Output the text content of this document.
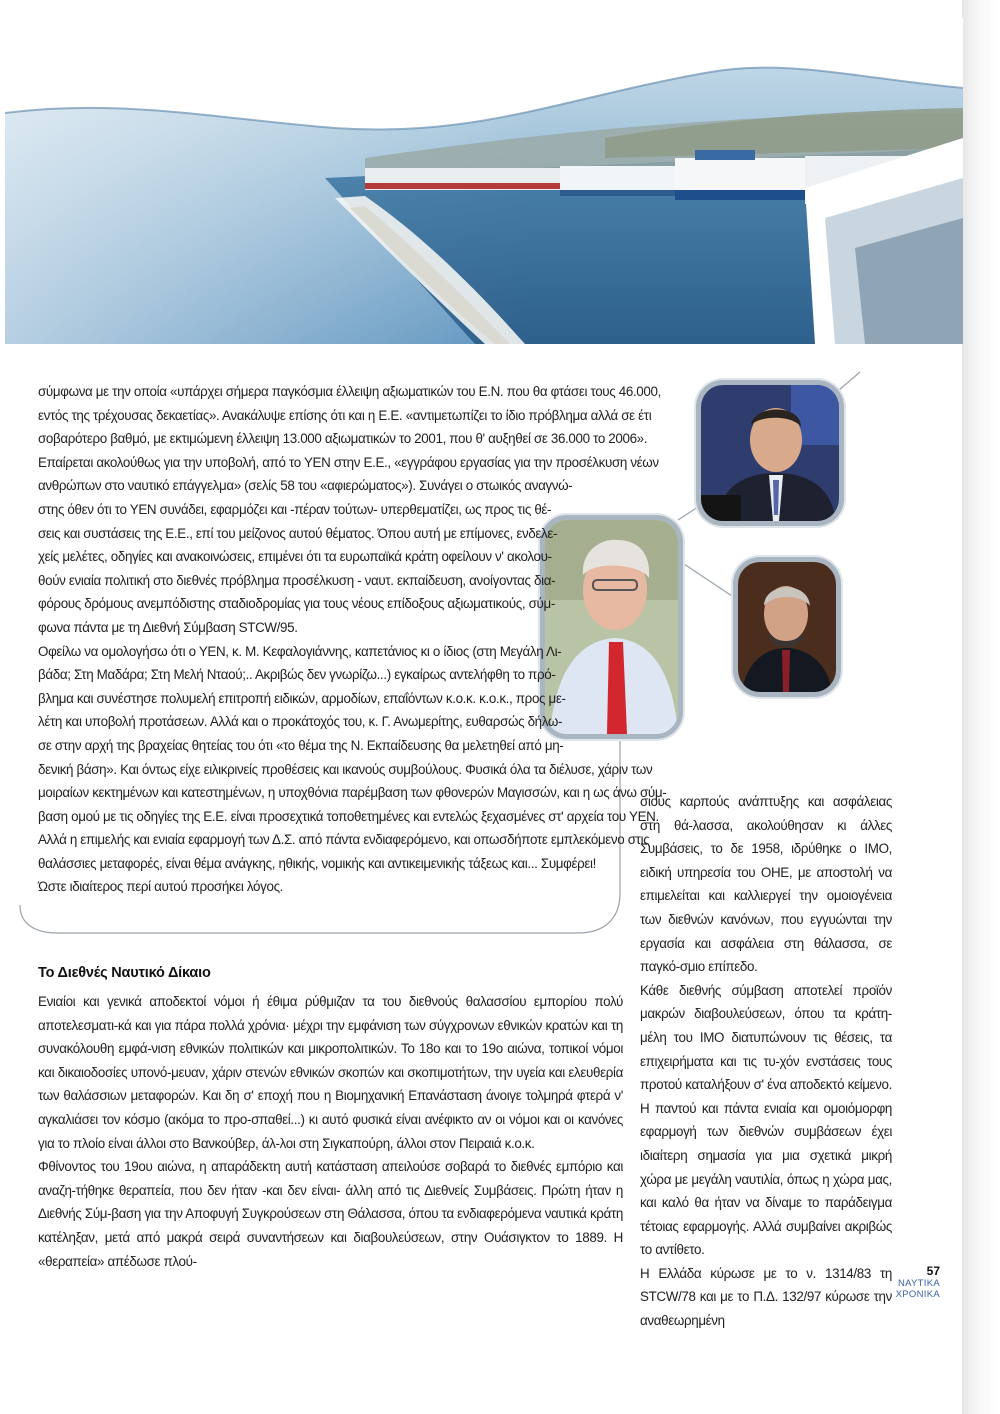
σύμφωνα με την οποία «υπάρχει σήμερα παγκόσμια έλλειψη αξιωματικών του Ε.Ν. που θα φτάσει τους 46.000,
εντός της τρέχουσας δεκαετίας». Ανακάλυψε επίσης ότι και η Ε.Ε. «αντιμετωπίζει το ίδιο πρόβλημα αλλά σε έτι
σοβαρότερο βαθμό, με εκτιμώμενη έλλειψη 13.000 αξιωματικών το 2001, που θ' αυξηθεί σε 36.000 το 2006».
Επαίρεται ακολούθως για την υποβολή, από το ΥΕΝ στην Ε.Ε., «εγγράφου εργασίας για την προσέλκυση νέων
ανθρώπων στο ναυτικό επάγγελμα» (σελίς 58 του «αφιερώματος»). Συνάγει ο στωικός αναγνώ-
στης όθεν ότι το ΥΕΝ συνάδει, εφαρμόζει και -πέραν τούτων- υπερθεματίζει, ως προς τις θέ-
σεις και συστάσεις της Ε.Ε., επί του μείζονος αυτού θέματος. Όπου αυτή με επίμονες, ενδελε-
χείς μελέτες, οδηγίες και ανακοινώσεις, επιμένει ότι τα ευρωπαϊκά κράτη οφείλουν ν' ακολου-
θούν ενιαία πολιτική στο διεθνές πρόβλημα προσέλκυση - ναυτ. εκπαίδευση, ανοίγοντας δια-
φόρους δρόμους ανεμπόδιστης σταδιοδρομίας για τους νέους επίδοξους αξιωματικούς, σύμ-
φωνα πάντα με τη Διεθνή Σύμβαση STCW/95.
Οφείλω να ομολογήσω ότι ο ΥΕΝ, κ. Μ. Κεφαλογιάννης, καπετάνιος κι ο ίδιος (στη Μεγάλη Λι-
βάδα; Στη Μαδάρα; Στη Μελή Νταού;.. Ακριβώς δεν γνωρίζω...) εγκαίρως αντελήφθη το πρό-
βλημα και συνέστησε πολυμελή επιτροπή ειδικών, αρμοδίων, επαΐόντων κ.ο.κ. κ.ο.κ., προς με-
λέτη και υποβολή προτάσεων. Αλλά και ο προκάτοχός του, κ. Γ. Ανωμερίτης, ευθαρσώς δήλω-
σε στην αρχή της βραχείας θητείας του ότι «το θέμα της Ν. Εκπαίδευσης θα μελετηθεί από μη-
δενική βάση». Και όντως είχε ειλικρινείς προθέσεις και ικανούς συμβούλους. Φυσικά όλα τα διέλυσε, χάριν των
μοιραίων κεκτημένων και κατεστημένων, η υποχθόνια παρέμβαση των φθονερών Μαγισσών, και η ως άνω σύμ-
βαση ομού με τις οδηγίες της Ε.Ε. είναι προσεχτικά τοποθετημένες και εντελώς ξεχασμένες στ' αρχεία του ΥΕΝ.
Αλλά η επιμελής και ενιαία εφαρμογή των Δ.Σ. από πάντα ενδιαφερόμενο, και οπωσδήποτε εμπλεκόμενο στις
θαλάσσιες μεταφορές, είναι θέμα ανάγκης, ηθικής, νομικής και αντικειμενικής τάξεως και... Συμφέρει!
Ώστε ιδιαίτερος περί αυτού προσήκει λόγος.
Το Διεθνές Ναυτικό Δίκαιο

Ενιαίοι και γενικά αποδεκτοί νόμοι ή έθιμα ρύθμιζαν τα του διεθνούς θαλασσίου εμπορίου πολύ αποτελεσματι-κά και για πάρα πολλά χρόνια· μέχρι την εμφάνιση των σύγχρονων εθνικών κρατών και τη συνακόλουθη εμφά-νιση εθνικών πολιτικών και μικροπολιτικών. Το 18ο και το 19ο αιώνα, τοπικοί νόμοι και δικαιοδοσίες υπονό-μευαν, χάριν στενών εθνικών σκοπών και σκοπιμοτήτων, την υγεία και ελευθερία των θαλάσσιων μεταφορών. Και δη σ' εποχή που η Βιομηχανική Επανάσταση άνοιγε τολμηρά φτερά ν' αγκαλιάσει τον κόσμο (ακόμα το προ-σπαθεί...) κι αυτό φυσικά είναι ανέφικτο αν οι νόμοι και οι κανόνες για το πλοίο είναι άλλοι στο Βανκούβερ, άλ-λοι στη Σιγκαπούρη, άλλοι στον Πειραιά κ.ο.κ.

Φθίνοντος του 19ου αιώνα, η απαράδεκτη αυτή κατάσταση απειλούσε σοβαρά το διεθνές εμπόριο και αναζη-τήθηκε θεραπεία, που δεν ήταν -και δεν είναι- άλλη από τις Διεθνείς Συμβάσεις. Πρώτη ήταν η Διεθνής Σύμ-βαση για την Αποφυγή Συγκρούσεων στη Θάλασσα, όπου τα ενδιαφερόμενα ναυτικά κράτη κατέληξαν, μετά από μακρά σειρά συναντήσεων και διαβουλεύσεων, στην Ουάσιγκτον το 1889. Η «θεραπεία» απέδωσε πλού-

σιους καρπούς ανάπτυξης και ασφάλειας στη θά-λασσα, ακολούθησαν κι άλλες Συμβάσεις, το δε 1958, ιδρύθηκε ο ΙΜΟ, ειδική υπηρεσία του ΟΗΕ, με αποστολή να επιμελείται και καλλιεργεί την ομοιογένεια των διεθνών κανόνων, που εγγυώνται την εργασία και ασφάλεια στη θάλασσα, σε παγκό-σμιο επίπεδο.

Κάθε διεθνής σύμβαση αποτελεί προϊόν μακρών διαβουλεύσεων, όπου τα κράτη-μέλη του ΙΜΟ διατυπώνουν τις θέσεις, τα επιχειρήματα και τις τυ-χόν ενστάσεις τους προτού καταλήξουν σ' ένα αποδεκτό κείμενο. Η παντού και πάντα ενιαία και ομοιόμορφη εφαρμογή των διεθνών συμβάσεων έχει ιδιαίτερη σημασία για μια σχετικά μικρή χώρα με μεγάλη ναυτιλία, όπως η χώρα μας, και καλό θα ήταν να δίναμε το παράδειγμα τέτοιας εφαρμογής. Αλλά συμβαίνει ακριβώς το αντίθετο.

Η Ελλάδα κύρωσε με το ν. 1314/83 τη STCW/78 και με το Π.Δ. 132/97 κύρωσε την αναθεωρημένη

57
ΝΑΥΤΙΚΑ
ΧΡΟΝΙΚΑ
